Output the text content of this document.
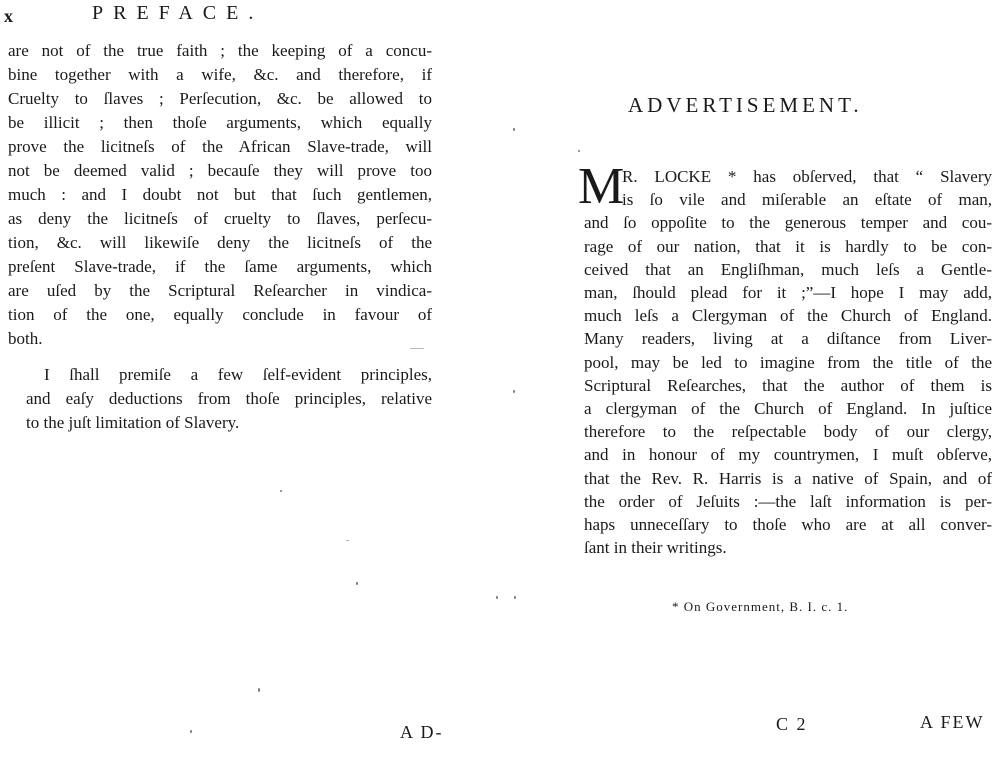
x	PREFACE.
are not of the true faith ; the keeping of a concu-
bine together with a wife, &c. and therefore, if
Cruelty to ſlaves ; Perſecution, &c. be allowed to
be illicit ; then thoſe arguments, which equally
prove the licitneſs of the African Slave-trade, will
not be deemed valid ; becauſe they will prove too
much : and I doubt not but that ſuch gentlemen,
as deny the licitneſs of cruelty to ſlaves, perſecu-
tion, &c. will likewiſe deny the licitneſs of the
preſent Slave-trade, if the ſame arguments, which
are uſed by the Scriptural Reſearcher in vindica-
tion of the one, equally conclude in favour of
both.
I ſhall premiſe a few ſelf-evident principles,
and eaſy deductions from thoſe principles, relative
to the juſt limitation of Slavery.
A D-
ADVERTISEMENT.
M
R. LOCKE * has obſerved, that “ Slavery
is ſo vile and miſerable an eſtate of man,
and ſo oppoſite to the generous temper and cou-
rage of our nation, that it is hardly to be con-
ceived that an Engliſhman, much leſs a Gentle-
man, ſhould plead for it ;”—I hope I may add,
much leſs a Clergyman of the Church of England.
Many readers, living at a diſtance from Liver-
pool, may be led to imagine from the title of the
Scriptural Reſearches, that the author of them is
a clergyman of the Church of England. In juſtice
therefore to the reſpectable body of our clergy,
and in honour of my countrymen, I muſt obſerve,
that the Rev. R. Harris is a native of Spain, and of
the order of Jeſuits :—the laſt information is per-
haps unneceſſary to thoſe who are at all conver-
ſant in their writings.
* On Government, B. I. c. 1.
C 2	A FEW
